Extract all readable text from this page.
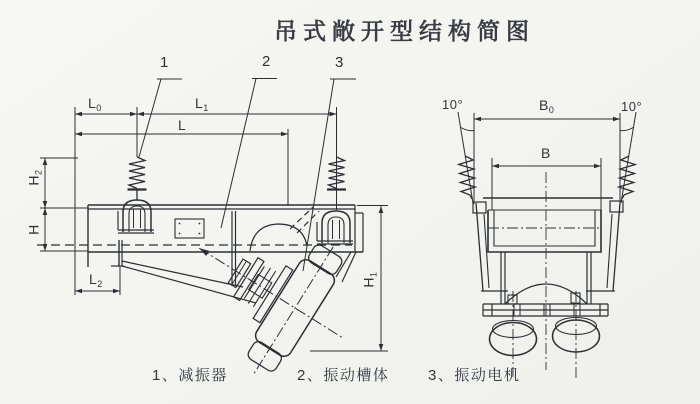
吊式敞开型结构简图
1	2	3
$L_0$	$L_1$
L
$L_2$
$H_2$
H
$H_1$
$B_0$
B
10°	10°
1、减振器	2、振动槽体	3、振动电机
